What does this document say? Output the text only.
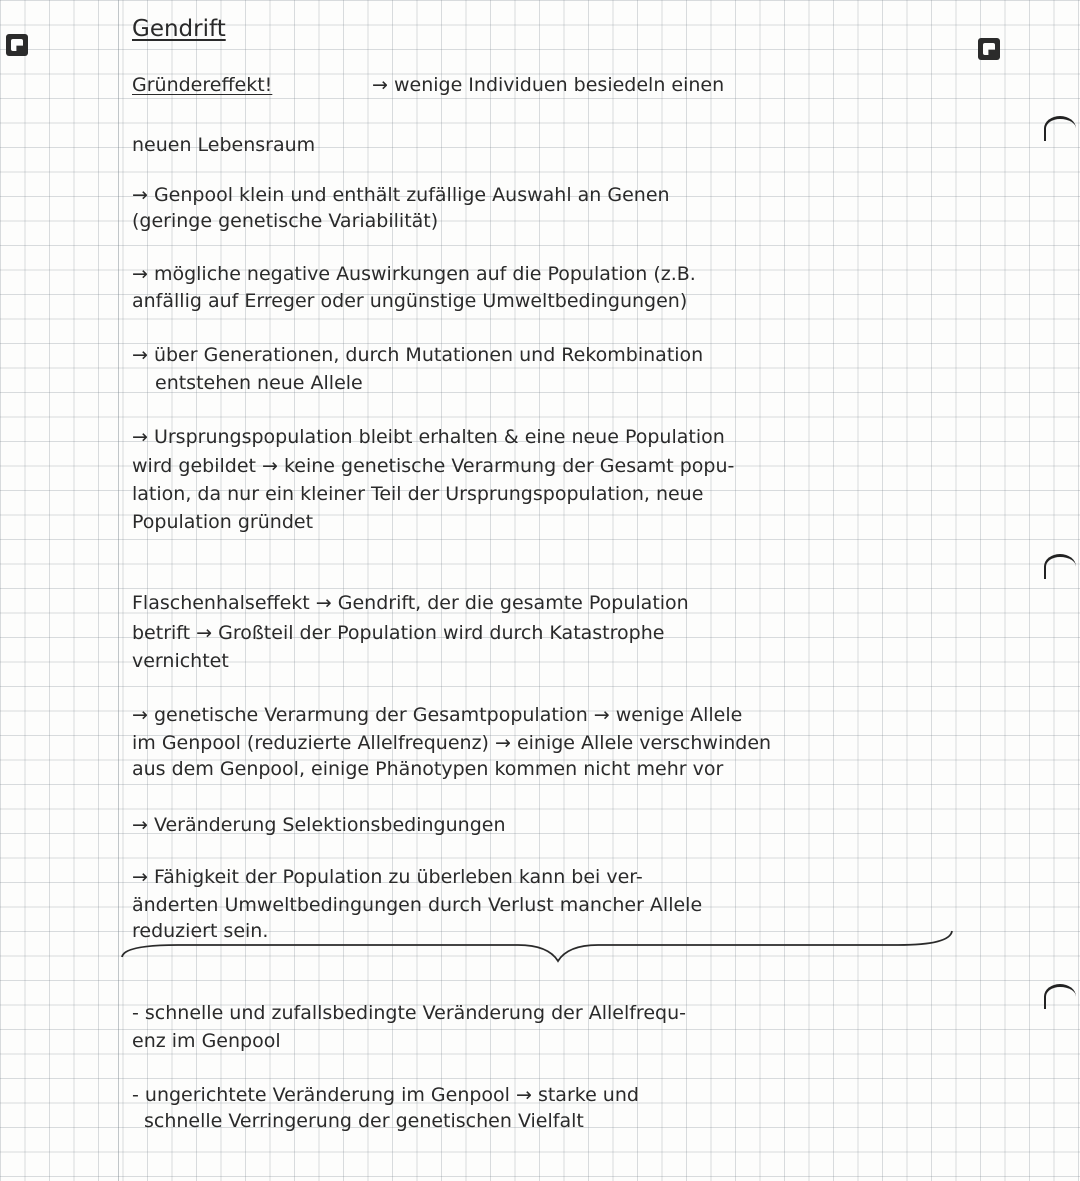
Gendrift
Gründereffekt!	→ wenige Individuen besiedeln einen
neuen Lebensraum
→ Genpool klein und enthält zufällige Auswahl an Genen
(geringe genetische Variabilität)
→ mögliche negative Auswirkungen auf die Population (z.B.
anfällig auf Erreger oder ungünstige Umweltbedingungen)
→ über Generationen, durch Mutationen und Rekombination
entstehen neue Allele
→ Ursprungspopulation bleibt erhalten & eine neue Population
wird gebildet → keine genetische Verarmung der Gesamt popu-
lation, da nur ein kleiner Teil der Ursprungspopulation, neue
Population gründet
Flaschenhalseffekt → Gendrift, der die gesamte Population
betrift → Großteil der Population wird durch Katastrophe
vernichtet
→ genetische Verarmung der Gesamtpopulation → wenige Allele
im Genpool (reduzierte Allelfrequenz) → einige Allele verschwinden
aus dem Genpool, einige Phänotypen kommen nicht mehr vor
→ Veränderung Selektionsbedingungen
→ Fähigkeit der Population zu überleben kann bei ver-
änderten Umweltbedingungen durch Verlust mancher Allele
reduziert sein.
- schnelle und zufallsbedingte Veränderung der Allelfrequ-
enz im Genpool
- ungerichtete Veränderung im Genpool → starke und
schnelle Verringerung der genetischen Vielfalt
